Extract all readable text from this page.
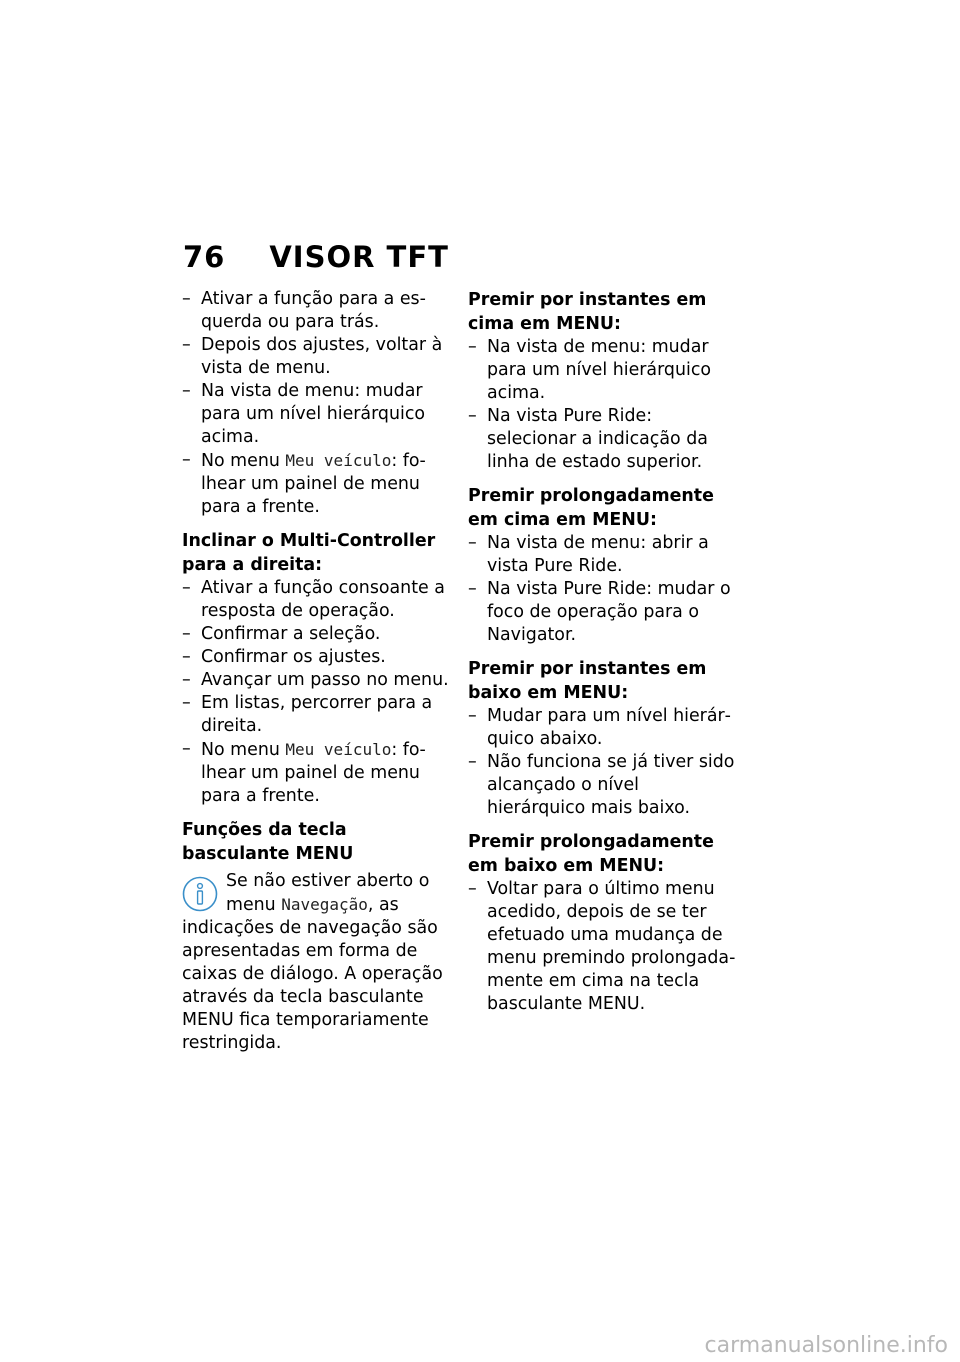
76 VISOR TFT
– Ativar a função para a esquerda ou para trás.
– Depois dos ajustes, voltar à vista de menu.
– Na vista de menu: mudar para um nível hierárquico acima.
– No menu Meu veículo: folhear um painel de menu para a frente.
Inclinar o Multi-Controller para a direita:
– Ativar a função consoante a resposta de operação.
– Confirmar a seleção.
– Confirmar os ajustes.
– Avançar um passo no menu.
– Em listas, percorrer para a direita.
– No menu Meu veículo: folhear um painel de menu para a frente.
Funções da tecla basculante MENU
Se não estiver aberto o menu Navegação, as indicações de navegação são apresentadas em forma de caixas de diálogo. A operação através da tecla basculante MENU fica temporariamente restringida.
Premir por instantes em cima em MENU:
– Na vista de menu: mudar para um nível hierárquico acima.
– Na vista Pure Ride: selecionar a indicação da linha de estado superior.
Premir prolongadamente em cima em MENU:
– Na vista de menu: abrir a vista Pure Ride.
– Na vista Pure Ride: mudar o foco de operação para o Navigator.
Premir por instantes em baixo em MENU:
– Mudar para um nível hierárquico abaixo.
– Não funciona se já tiver sido alcançado o nível hierárquico mais baixo.
Premir prolongadamente em baixo em MENU:
– Voltar para o último menu acedido, depois de se ter efetuado uma mudança de menu premindo prolongadamente em cima na tecla basculante MENU.
carmanualsonline.info
